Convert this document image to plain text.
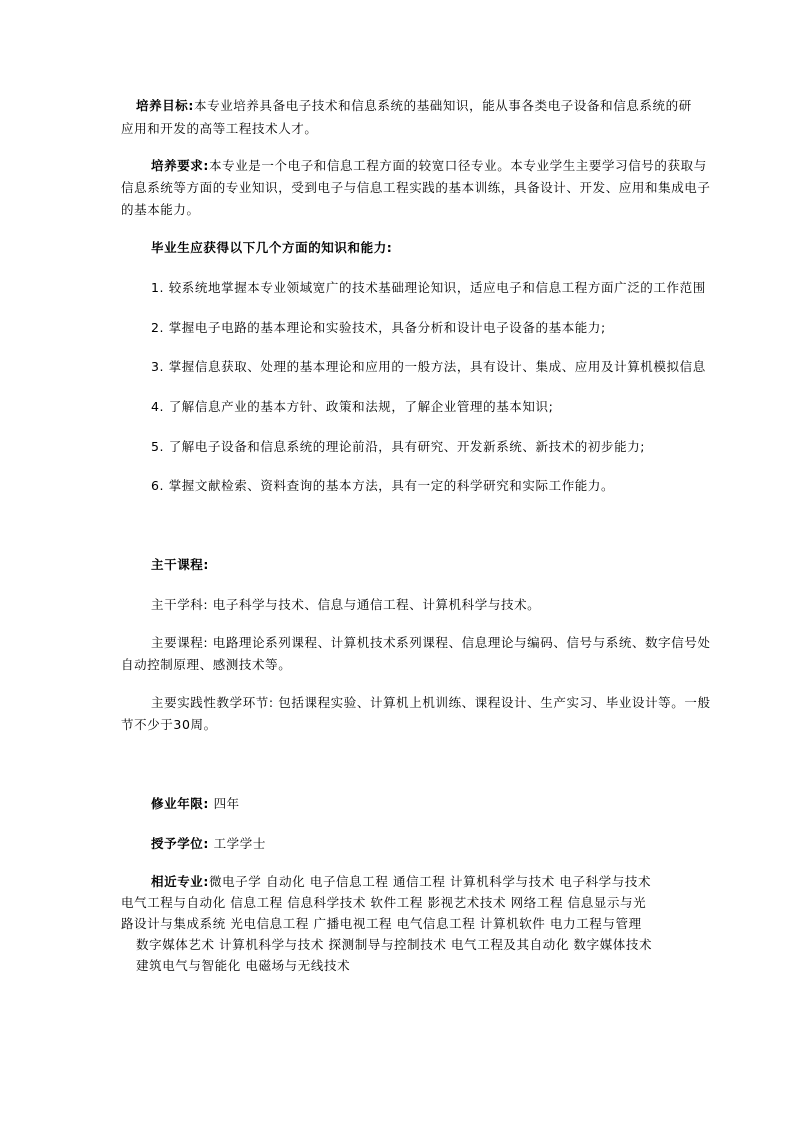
培养目标:本专业培养具备电子技术和信息系统的基础知识，能从事各类电子设备和信息系统的研
应用和开发的高等工程技术人才。
培养要求:本专业是一个电子和信息工程方面的较宽口径专业。本专业学生主要学习信号的获取与
信息系统等方面的专业知识，受到电子与信息工程实践的基本训练，具备设计、开发、应用和集成电子
的基本能力。
毕业生应获得以下几个方面的知识和能力:
1. 较系统地掌握本专业领域宽广的技术基础理论知识，适应电子和信息工程方面广泛的工作范围
2. 掌握电子电路的基本理论和实验技术，具备分析和设计电子设备的基本能力;
3. 掌握信息获取、处理的基本理论和应用的一般方法，具有设计、集成、应用及计算机模拟信息
4. 了解信息产业的基本方针、政策和法规，了解企业管理的基本知识;
5. 了解电子设备和信息系统的理论前沿，具有研究、开发新系统、新技术的初步能力;
6. 掌握文献检索、资料查询的基本方法，具有一定的科学研究和实际工作能力。
主干课程:
主干学科: 电子科学与技术、信息与通信工程、计算机科学与技术。
主要课程: 电路理论系列课程、计算机技术系列课程、信息理论与编码、信号与系统、数字信号处
自动控制原理、感测技术等。
主要实践性教学环节: 包括课程实验、计算机上机训练、课程设计、生产实习、毕业设计等。一般
节不少于30周。
修业年限: 四年
授予学位: 工学学士
相近专业:微电子学 自动化 电子信息工程 通信工程 计算机科学与技术 电子科学与技术
电气工程与自动化 信息工程 信息科学技术 软件工程 影视艺术技术 网络工程 信息显示与光
路设计与集成系统 光电信息工程 广播电视工程 电气信息工程 计算机软件 电力工程与管理
数字媒体艺术 计算机科学与技术 探测制导与控制技术 电气工程及其自动化 数字媒体技术
建筑电气与智能化 电磁场与无线技术
